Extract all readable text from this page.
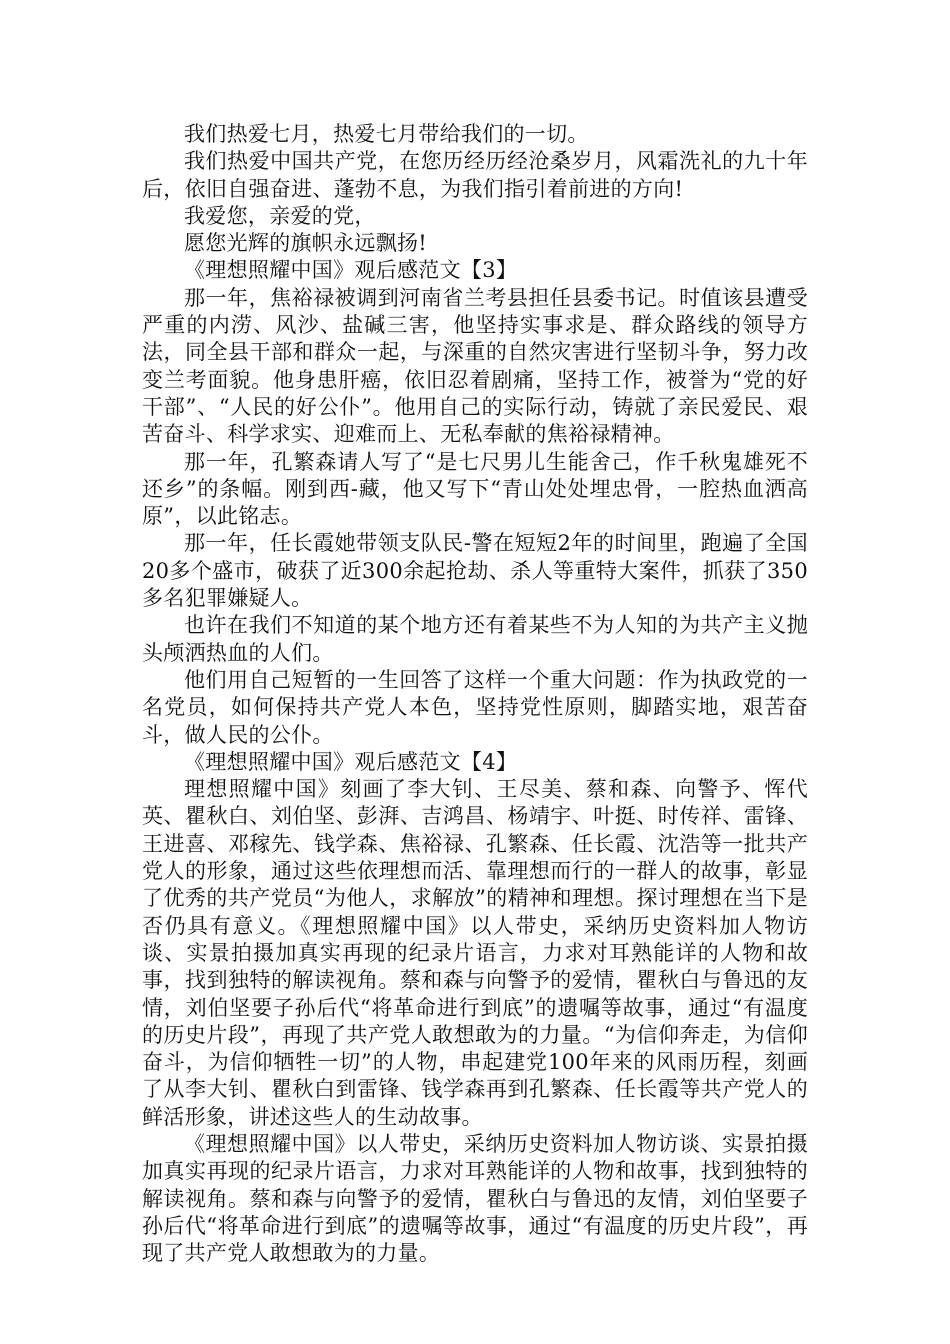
我们热爱七月，热爱七月带给我们的一切。

我们热爱中国共产党，在您历经历经沧桑岁月，风霜洗礼的九十年后，依旧自强奋进、蓬勃不息，为我们指引着前进的方向!

我爱您，亲爱的党，

愿您光辉的旗帜永远飘扬!

《理想照耀中国》观后感范文【3】

那一年，焦裕禄被调到河南省兰考县担任县委书记。时值该县遭受严重的内涝、风沙、盐碱三害，他坚持实事求是、群众路线的领导方法，同全县干部和群众一起，与深重的自然灾害进行坚韧斗争，努力改变兰考面貌。他身患肝癌，依旧忍着剧痛，坚持工作，被誉为“党的好干部”、“人民的好公仆”。他用自己的实际行动，铸就了亲民爱民、艰苦奋斗、科学求实、迎难而上、无私奉献的焦裕禄精神。

那一年，孔繁森请人写了“是七尺男儿生能舍己，作千秋鬼雄死不还乡”的条幅。刚到西-藏，他又写下“青山处处埋忠骨，一腔热血洒高原”，以此铭志。

那一年，任长霞她带领支队民-警在短短2年的时间里，跑遍了全国20多个盛市，破获了近300余起抢劫、杀人等重特大案件，抓获了350多名犯罪嫌疑人。

也许在我们不知道的某个地方还有着某些不为人知的为共产主义抛头颅洒热血的人们。

他们用自己短暂的一生回答了这样一个重大问题：作为执政党的一名党员，如何保持共产党人本色，坚持党性原则，脚踏实地，艰苦奋斗，做人民的公仆。

《理想照耀中国》观后感范文【4】

理想照耀中国》刻画了李大钊、王尽美、蔡和森、向警予、恽代英、瞿秋白、刘伯坚、彭湃、吉鸿昌、杨靖宇、叶挺、时传祥、雷锋、王进喜、邓稼先、钱学森、焦裕禄、孔繁森、任长霞、沈浩等一批共产党人的形象，通过这些依理想而活、靠理想而行的一群人的故事，彰显了优秀的共产党员“为他人，求解放”的精神和理想。探讨理想在当下是否仍具有意义。《理想照耀中国》以人带史，采纳历史资料加人物访谈、实景拍摄加真实再现的纪录片语言，力求对耳熟能详的人物和故事，找到独特的解读视角。蔡和森与向警予的爱情，瞿秋白与鲁迅的友情，刘伯坚要子孙后代“将革命进行到底”的遗嘱等故事，通过“有温度的历史片段”，再现了共产党人敢想敢为的力量。“为信仰奔走，为信仰奋斗，为信仰牺牲一切”的人物，串起建党100年来的风雨历程，刻画了从李大钊、瞿秋白到雷锋、钱学森再到孔繁森、任长霞等共产党人的鲜活形象，讲述这些人的生动故事。

《理想照耀中国》以人带史，采纳历史资料加人物访谈、实景拍摄加真实再现的纪录片语言，力求对耳熟能详的人物和故事，找到独特的解读视角。蔡和森与向警予的爱情，瞿秋白与鲁迅的友情，刘伯坚要子孙后代“将革命进行到底”的遗嘱等故事，通过“有温度的历史片段”，再现了共产党人敢想敢为的力量。
